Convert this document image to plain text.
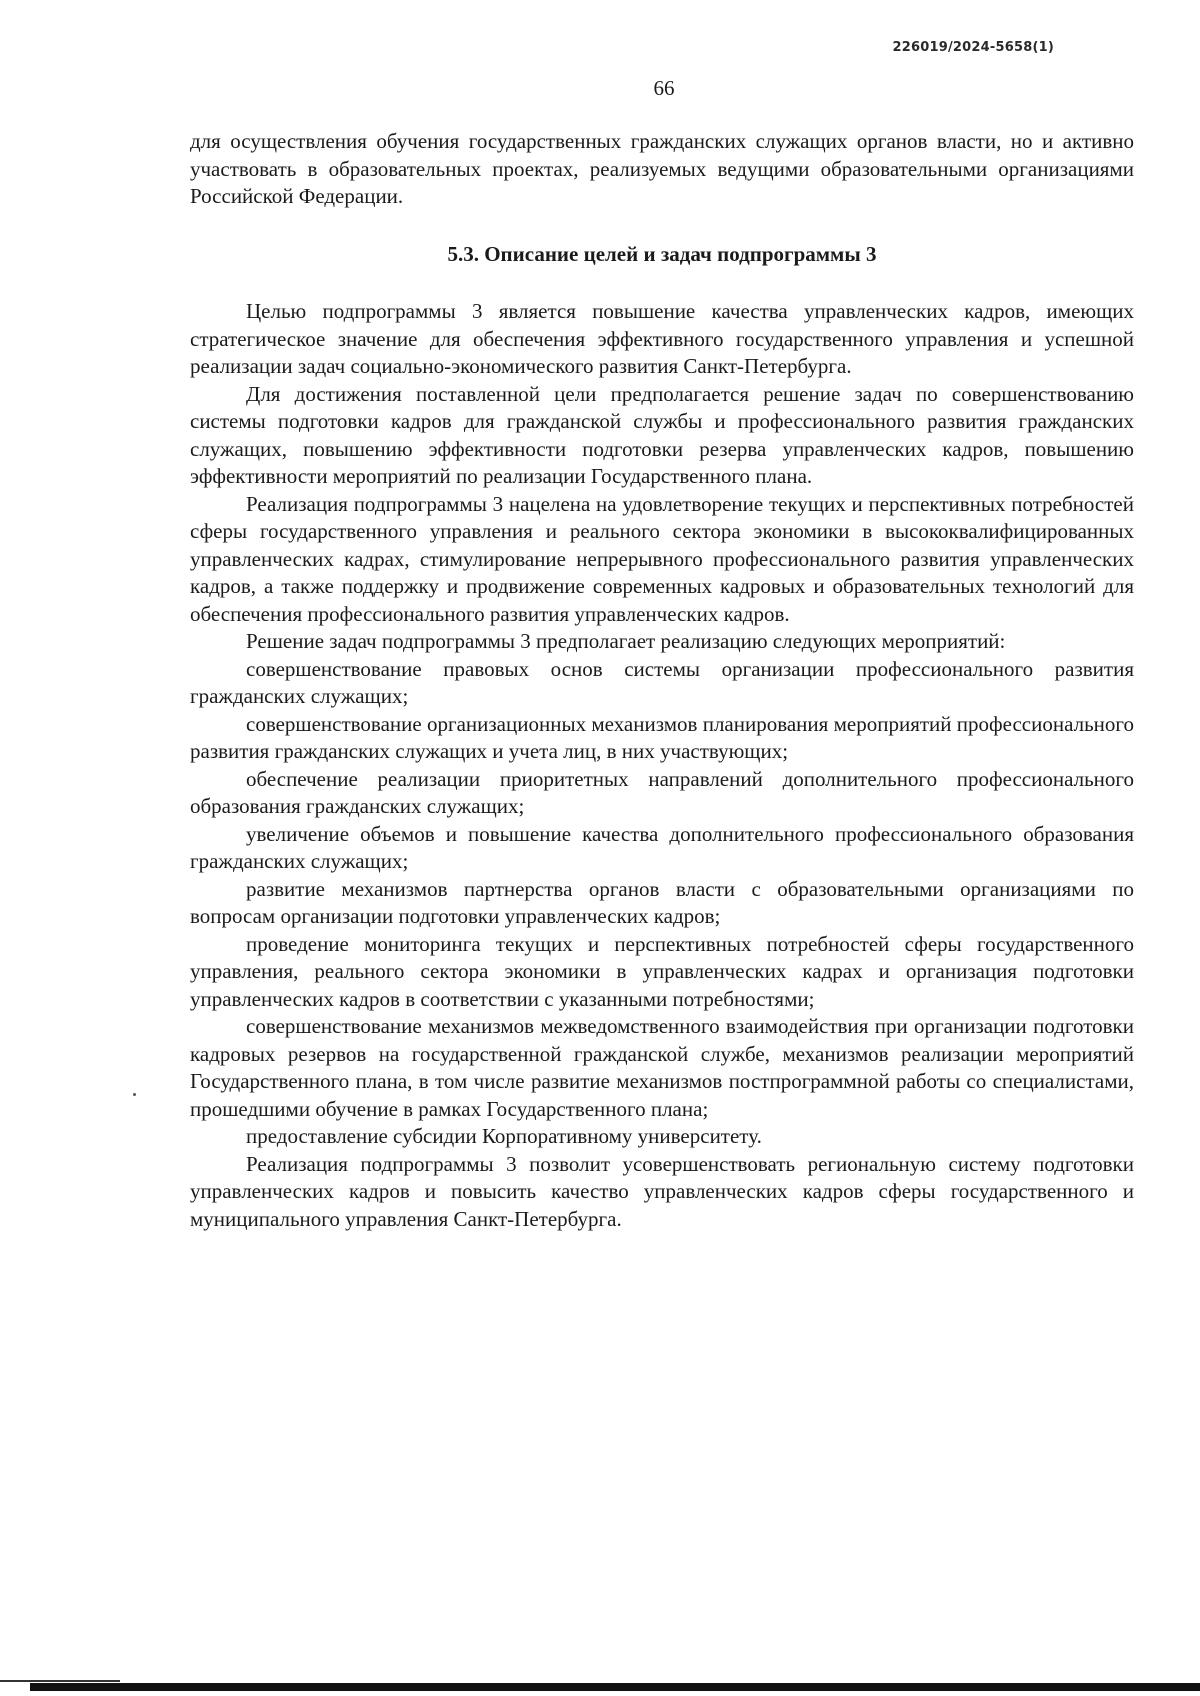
226019/2024-5658(1)
66

для осуществления обучения государственных гражданских служащих органов власти, но и активно участвовать в образовательных проектах, реализуемых ведущими образовательными организациями Российской Федерации.

5.3. Описание целей и задач подпрограммы 3

Целью подпрограммы 3 является повышение качества управленческих кадров, имеющих стратегическое значение для обеспечения эффективного государственного управления и успешной реализации задач социально-экономического развития Санкт-Петербурга.

Для достижения поставленной цели предполагается решение задач по совершенствованию системы подготовки кадров для гражданской службы и профессионального развития гражданских служащих, повышению эффективности подготовки резерва управленческих кадров, повышению эффективности мероприятий по реализации Государственного плана.

Реализация подпрограммы 3 нацелена на удовлетворение текущих и перспективных потребностей сферы государственного управления и реального сектора экономики в высококвалифицированных управленческих кадрах, стимулирование непрерывного профессионального развития управленческих кадров, а также поддержку и продвижение современных кадровых и образовательных технологий для обеспечения профессионального развития управленческих кадров.

Решение задач подпрограммы 3 предполагает реализацию следующих мероприятий:

совершенствование правовых основ системы организации профессионального развития гражданских служащих;

совершенствование организационных механизмов планирования мероприятий профессионального развития гражданских служащих и учета лиц, в них участвующих;

обеспечение реализации приоритетных направлений дополнительного профессионального образования гражданских служащих;

увеличение объемов и повышение качества дополнительного профессионального образования гражданских служащих;

развитие механизмов партнерства органов власти с образовательными организациями по вопросам организации подготовки управленческих кадров;

проведение мониторинга текущих и перспективных потребностей сферы государственного управления, реального сектора экономики в управленческих кадрах и организация подготовки управленческих кадров в соответствии с указанными потребностями;

совершенствование механизмов межведомственного взаимодействия при организации подготовки кадровых резервов на государственной гражданской службе, механизмов реализации мероприятий Государственного плана, в том числе развитие механизмов постпрограммной работы со специалистами, прошедшими обучение в рамках Государственного плана;

предоставление субсидии Корпоративному университету.

Реализация подпрограммы 3 позволит усовершенствовать региональную систему подготовки управленческих кадров и повысить качество управленческих кадров сферы государственного и муниципального управления Санкт-Петербурга.
